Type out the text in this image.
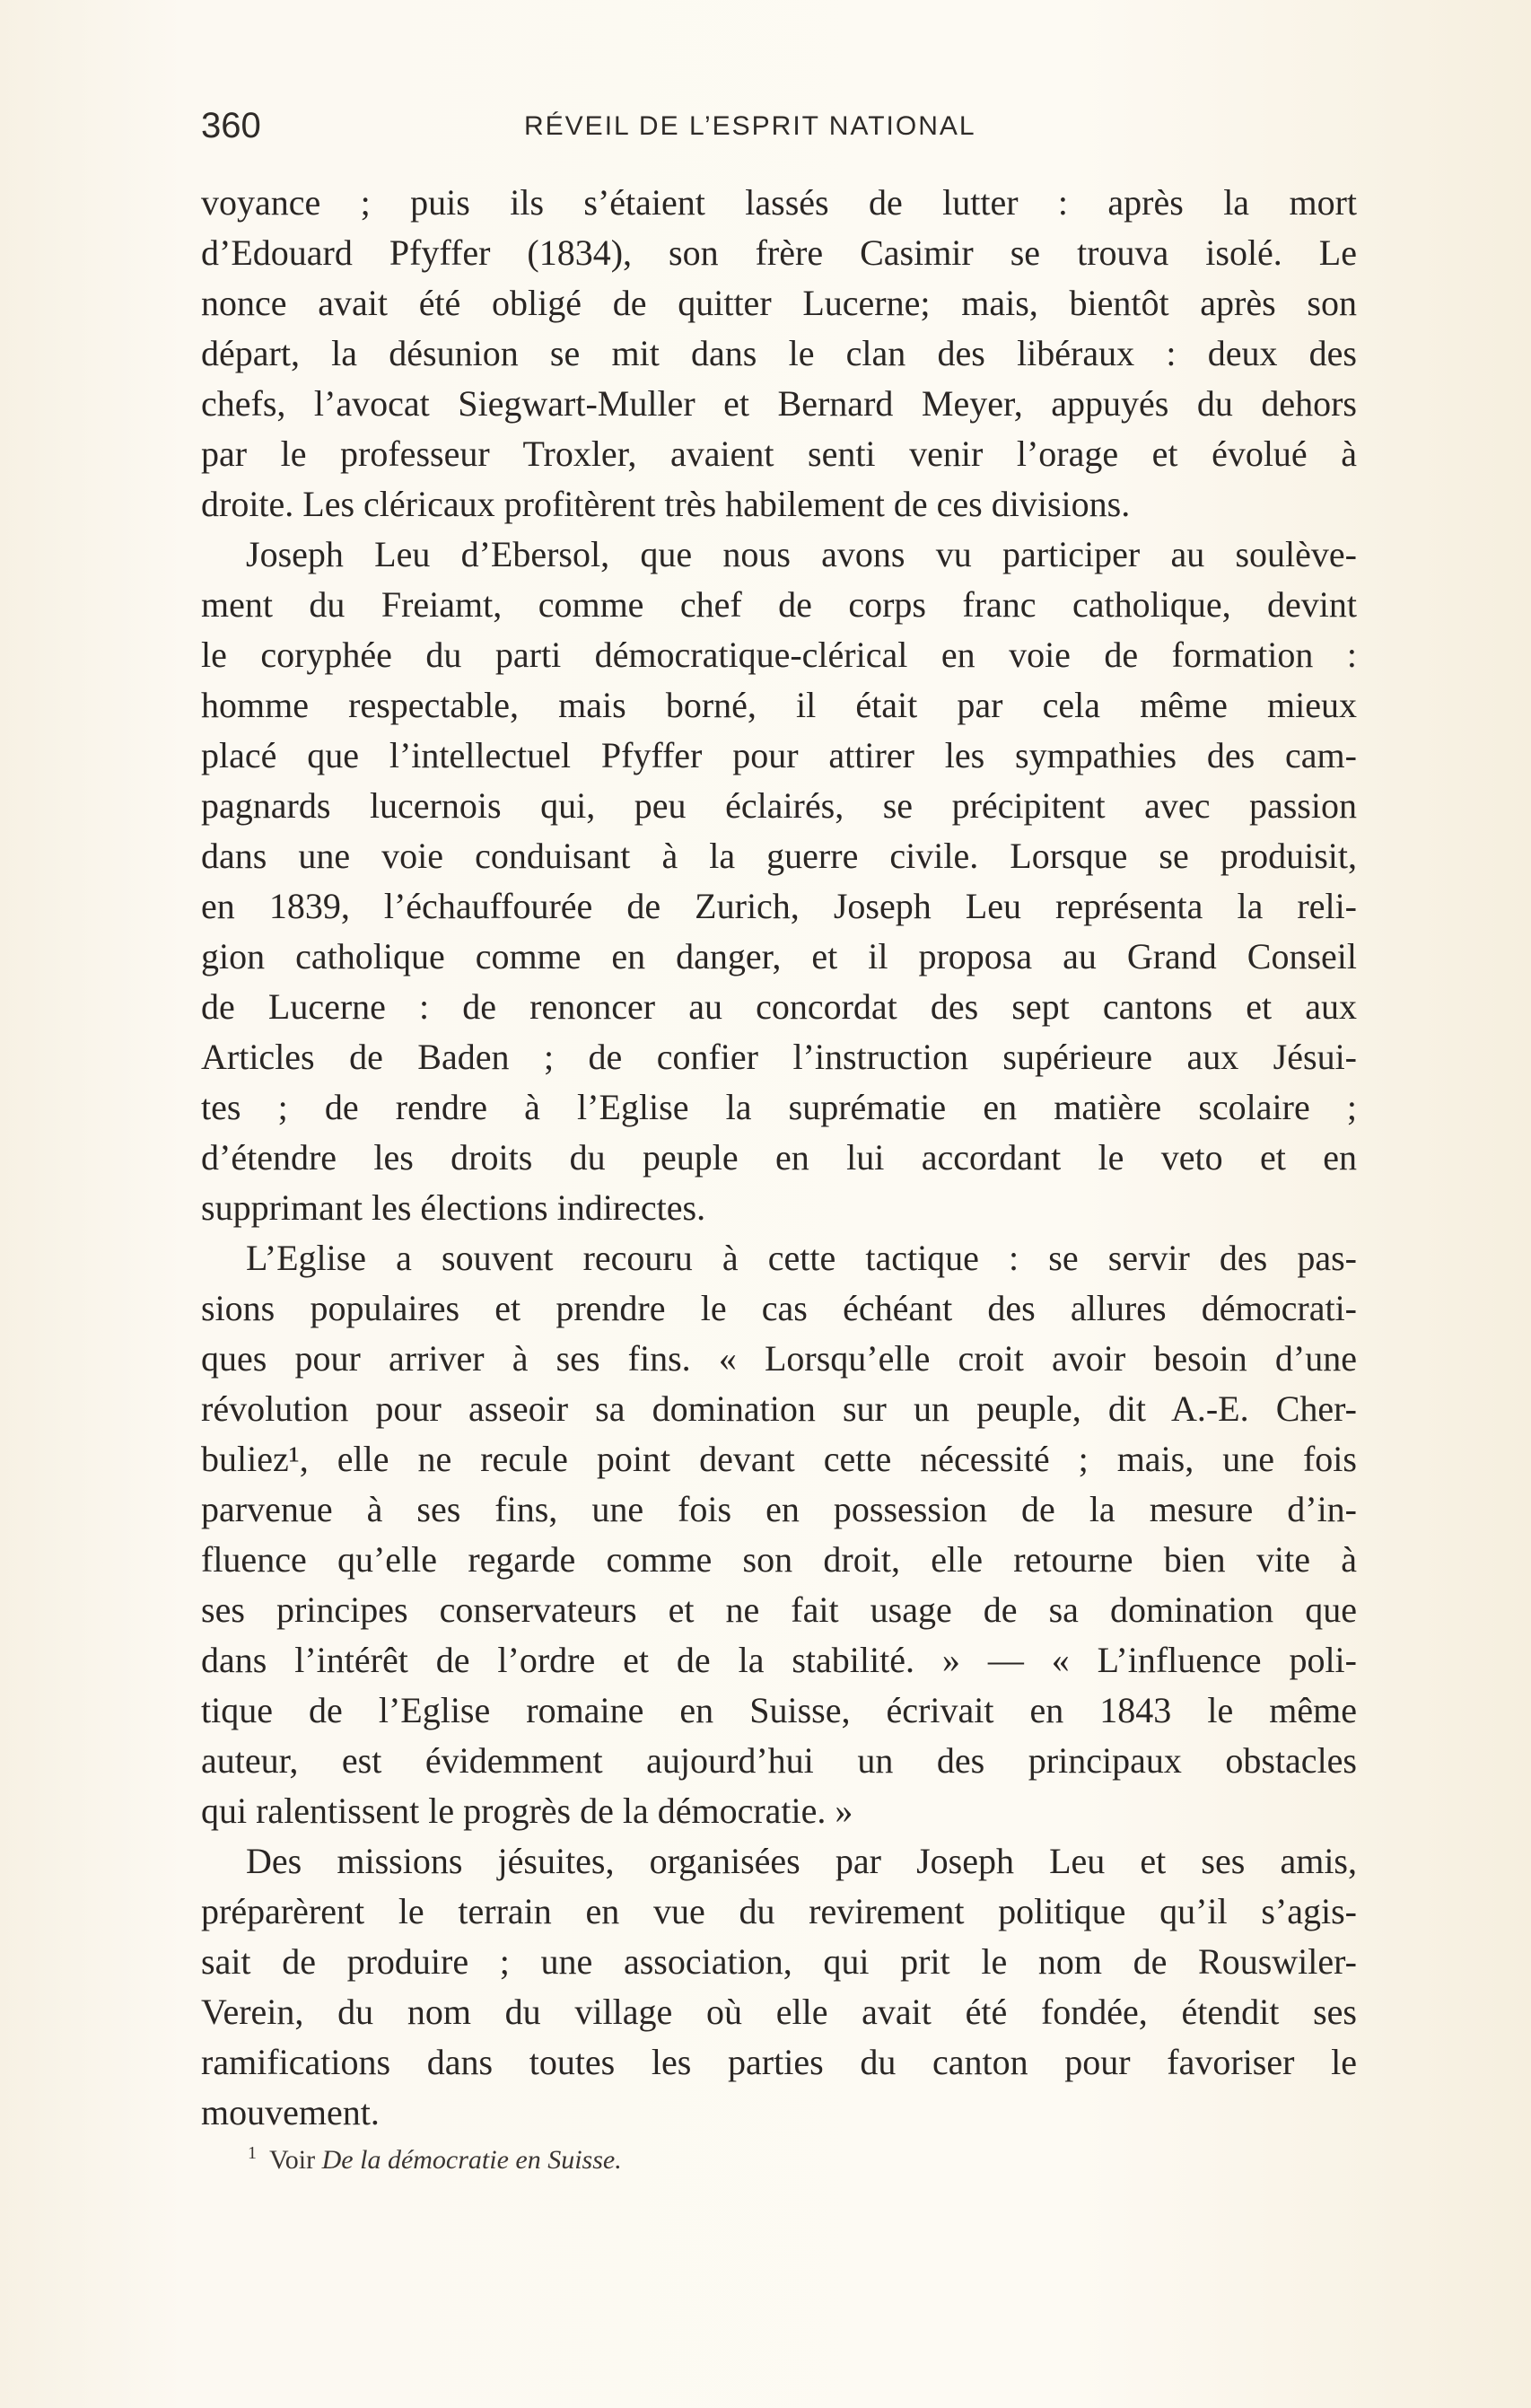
360	RÉVEIL DE L’ESPRIT NATIONAL
voyance ; puis ils s’étaient lassés de lutter : après la mort
d’Edouard Pfyffer (1834), son frère Casimir se trouva isolé. Le
nonce avait été obligé de quitter Lucerne; mais, bientôt après son
départ, la désunion se mit dans le clan des libéraux : deux des
chefs, l’avocat Siegwart-Muller et Bernard Meyer, appuyés du dehors
par le professeur Troxler, avaient senti venir l’orage et évolué à
droite. Les cléricaux profitèrent très habilement de ces divisions.
Joseph Leu d’Ebersol, que nous avons vu participer au soulève-
ment du Freiamt, comme chef de corps franc catholique, devint
le coryphée du parti démocratique-clérical en voie de formation :
homme respectable, mais borné, il était par cela même mieux
placé que l’intellectuel Pfyffer pour attirer les sympathies des cam-
pagnards lucernois qui, peu éclairés, se précipitent avec passion
dans une voie conduisant à la guerre civile. Lorsque se produisit,
en 1839, l’échauffourée de Zurich, Joseph Leu représenta la reli-
gion catholique comme en danger, et il proposa au Grand Conseil
de Lucerne : de renoncer au concordat des sept cantons et aux
Articles de Baden ; de confier l’instruction supérieure aux Jésui-
tes ; de rendre à l’Eglise la suprématie en matière scolaire ;
d’étendre les droits du peuple en lui accordant le veto et en
supprimant les élections indirectes.
L’Eglise a souvent recouru à cette tactique : se servir des pas-
sions populaires et prendre le cas échéant des allures démocrati-
ques pour arriver à ses fins. « Lorsqu’elle croit avoir besoin d’une
révolution pour asseoir sa domination sur un peuple, dit A.-E. Cher-
buliez¹, elle ne recule point devant cette nécessité ; mais, une fois
parvenue à ses fins, une fois en possession de la mesure d’in-
fluence qu’elle regarde comme son droit, elle retourne bien vite à
ses principes conservateurs et ne fait usage de sa domination que
dans l’intérêt de l’ordre et de la stabilité. » — « L’influence poli-
tique de l’Eglise romaine en Suisse, écrivait en 1843 le même
auteur, est évidemment aujourd’hui un des principaux obstacles
qui ralentissent le progrès de la démocratie. »
Des missions jésuites, organisées par Joseph Leu et ses amis,
préparèrent le terrain en vue du revirement politique qu’il s’agis-
sait de produire ; une association, qui prit le nom de Rouswiler-
Verein, du nom du village où elle avait été fondée, étendit ses
ramifications dans toutes les parties du canton pour favoriser le
mouvement.
$^1$ Voir De la démocratie en Suisse.
